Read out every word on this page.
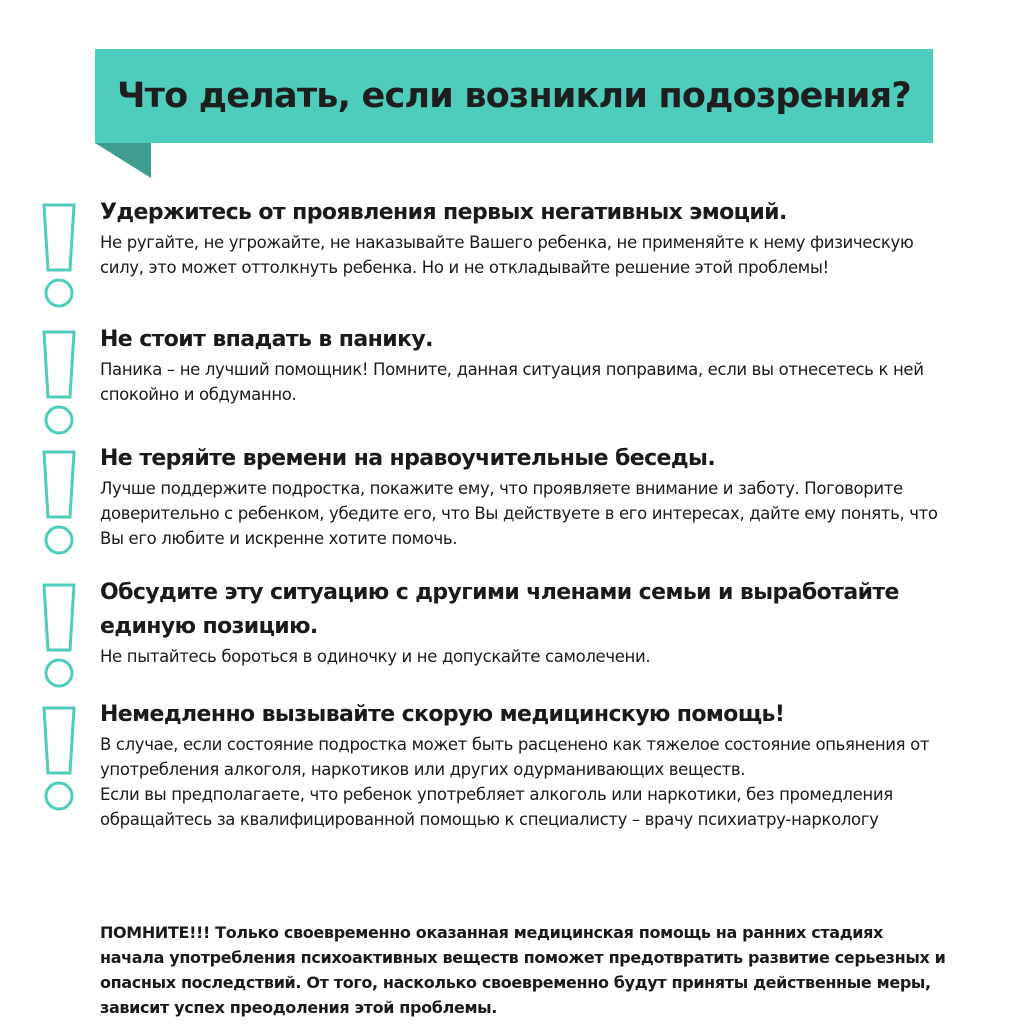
Что делать, если возникли подозрения?
Удержитесь от проявления первых негативных эмоций.

Не ругайте, не угрожайте, не наказывайте Вашего ребенка, не применяйте к нему физическую силу, это может оттолкнуть ребенка. Но и не откладывайте решение этой проблемы!

Не стоит впадать в панику.

Паника – не лучший помощник! Помните, данная ситуация поправима, если вы отнесетесь к ней спокойно и обдуманно.

Не теряйте времени на нравоучительные беседы.

Лучше поддержите подростка, покажите ему, что проявляете внимание и заботу. Поговорите доверительно с ребенком, убедите его, что Вы действуете в его интересах, дайте ему понять, что Вы его любите и искренне хотите помочь.

Обсудите эту ситуацию с другими членами семьи и выработайте единую позицию.

Не пытайтесь бороться в одиночку и не допускайте самолечени.

Немедленно вызывайте скорую медицинскую помощь!

В случае, если состояние подростка может быть расценено как тяжелое состояние опьянения от употребления алкоголя, наркотиков или других одурманивающих веществ.
Если вы предполагаете, что ребенок употребляет алкоголь или наркотики, без промедления обращайтесь за квалифицированной помощью к специалисту – врачу психиатру-наркологу

ПОМНИТЕ!!! Только своевременно оказанная медицинская помощь на ранних стадиях начала употребления психоактивных веществ поможет предотвратить развитие серьезных и опасных последствий. От того, насколько своевременно будут приняты действенные меры, зависит успех преодоления этой проблемы.
